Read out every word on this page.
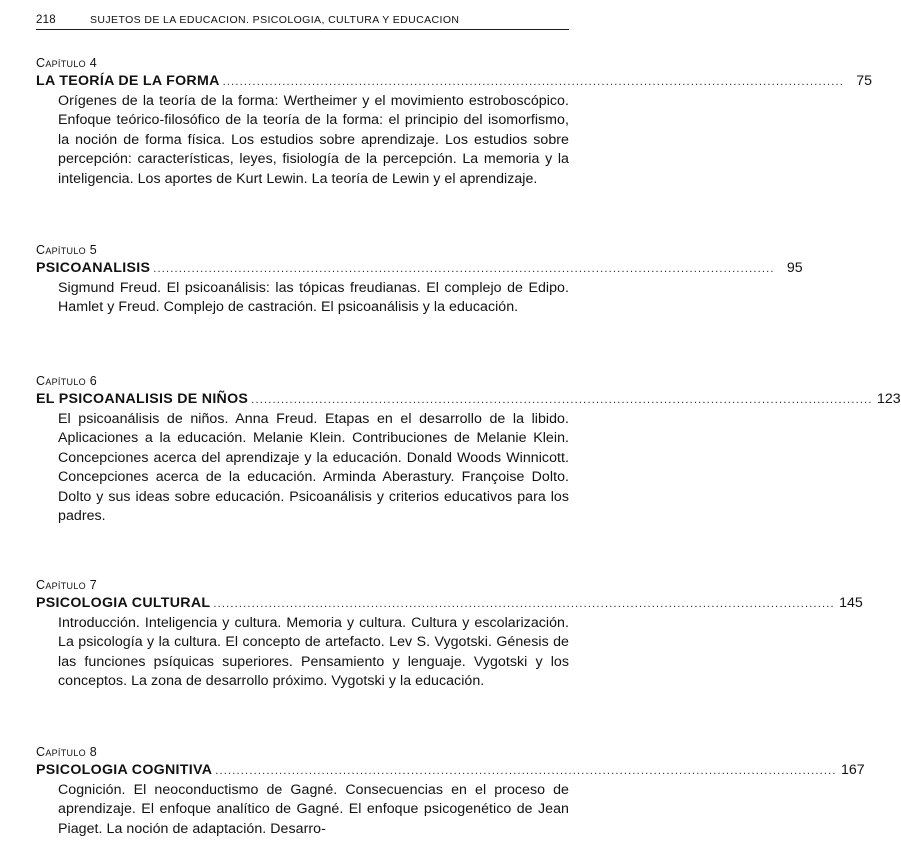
218	SUJETOS DE LA EDUCACION. PSICOLOGIA, CULTURA Y EDUCACION

Capítulo 4

LA TEORÍA DE LA FORMA .................................................................................................................................................. 75

Orígenes de la teoría de la forma: Wertheimer y el movimiento estroboscópico. Enfoque teórico-filosófico de la teoría de la forma: el principio del isomorfismo, la noción de forma física. Los estudios sobre aprendizaje. Los estudios sobre percepción: características, leyes, fisiología de la percepción. La memoria y la inteligencia. Los aportes de Kurt Lewin. La teoría de Lewin y el aprendizaje.

Capítulo 5

PSICOANALISIS .................................................................................................................................................. 95

Sigmund Freud. El psicoanálisis: las tópicas freudianas. El complejo de Edipo. Hamlet y Freud. Complejo de castración. El psicoanálisis y la educación.

Capítulo 6

EL PSICOANALISIS DE NIÑOS .................................................................................................................................................. 123

El psicoanálisis de niños. Anna Freud. Etapas en el desarrollo de la libido. Aplicaciones a la educación. Melanie Klein. Contribuciones de Melanie Klein. Concepciones acerca del aprendizaje y la educación. Donald Woods Winnicott. Concepciones acerca de la educación. Arminda Aberastury. Françoise Dolto. Dolto y sus ideas sobre educación. Psicoanálisis y criterios educativos para los padres.

Capítulo 7

PSICOLOGIA CULTURAL .................................................................................................................................................. 145

Introducción. Inteligencia y cultura. Memoria y cultura. Cultura y escolarización. La psicología y la cultura. El concepto de artefacto. Lev S. Vygotski. Génesis de las funciones psíquicas superiores. Pensamiento y lenguaje. Vygotski y los conceptos. La zona de desarrollo próximo. Vygotski y la educación.

Capítulo 8

PSICOLOGIA COGNITIVA .................................................................................................................................................. 167

Cognición. El neoconductismo de Gagné. Consecuencias en el proceso de aprendizaje. El enfoque analítico de Gagné. El enfoque psicogenético de Jean Piaget. La noción de adaptación. Desarro-
